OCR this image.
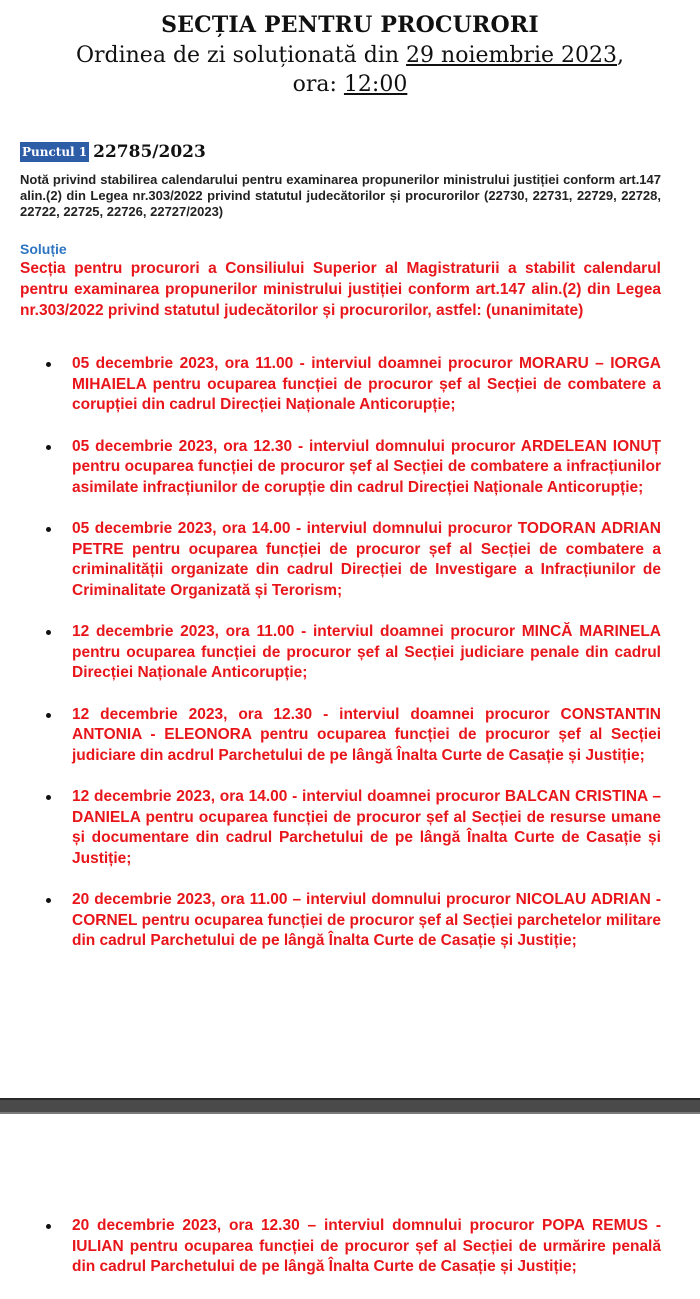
SECȚIA PENTRU PROCURORI
Ordinea de zi soluționată din 29 noiembrie 2023,
ora: 12:00
Punctul 1 22785/2023
Notă privind stabilirea calendarului pentru examinarea propunerilor ministrului justiției conform art.147 alin.(2) din Legea nr.303/2022 privind statutul judecătorilor și procurorilor (22730, 22731, 22729, 22728, 22722, 22725, 22726, 22727/2023)
Soluție
Secția pentru procurori a Consiliului Superior al Magistraturii a stabilit calendarul pentru examinarea propunerilor ministrului justiției conform art.147 alin.(2) din Legea nr.303/2022 privind statutul judecătorilor și procurorilor, astfel: (unanimitate)
05 decembrie 2023, ora 11.00 - interviul doamnei procuror MORARU – IORGA MIHAIELA pentru ocuparea funcției de procuror șef al Secției de combatere a corupției din cadrul Direcției Naționale Anticorupție;
05 decembrie 2023, ora 12.30 - interviul domnului procuror ARDELEAN IONUȚ pentru ocuparea funcției de procuror șef al Secției de combatere a infracțiunilor asimilate infracțiunilor de corupție din cadrul Direcției Naționale Anticorupție;
05 decembrie 2023, ora 14.00 - interviul domnului procuror TODORAN ADRIAN PETRE pentru ocuparea funcției de procuror șef al Secției de combatere a criminalității organizate din cadrul Direcției de Investigare a Infracțiunilor de Criminalitate Organizată și Terorism;
12 decembrie 2023, ora 11.00 - interviul doamnei procuror MINCĂ MARINELA pentru ocuparea funcției de procuror șef al Secției judiciare penale din cadrul Direcției Naționale Anticorupție;
12 decembrie 2023, ora 12.30 - interviul doamnei procuror CONSTANTIN ANTONIA - ELEONORA pentru ocuparea funcției de procuror șef al Secției judiciare din acdrul Parchetului de pe lângă Înalta Curte de Casație și Justiție;
12 decembrie 2023, ora 14.00 - interviul doamnei procuror BALCAN CRISTINA – DANIELA pentru ocuparea funcției de procuror șef al Secției de resurse umane și documentare din cadrul Parchetului de pe lângă Înalta Curte de Casație și Justiție;
20 decembrie 2023, ora 11.00 – interviul domnului procuror NICOLAU ADRIAN - CORNEL pentru ocuparea funcției de procuror șef al Secției parchetelor militare din cadrul Parchetului de pe lângă Înalta Curte de Casație și Justiție;
20 decembrie 2023, ora 12.30 – interviul domnului procuror POPA REMUS - IULIAN pentru ocuparea funcției de procuror șef al Secției de urmărire penală din cadrul Parchetului de pe lângă Înalta Curte de Casație și Justiție;
